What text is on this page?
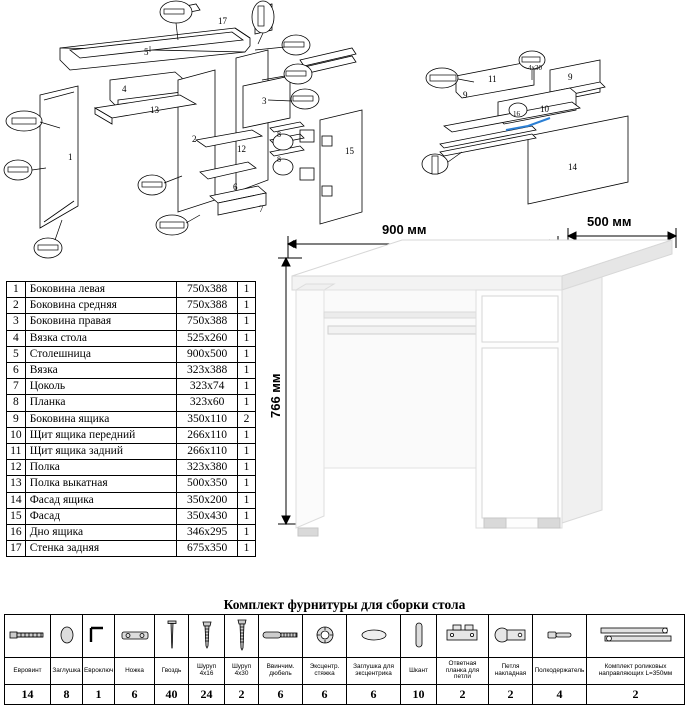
17
5
4
13
3
2
1
12
6
7
8
8
15
11	9
9
10
16
14
4х30
1	Боковина левая	750х388	1
2	Боковина средняя	750х388	1
3	Боковина правая	750х388	1
4	Вязка стола	525х260	1
5	Столешница	900х500	1
6	Вязка	323х388	1
7	Цоколь	323х74	1
8	Планка	323х60	1
9	Боковина ящика	350х110	2
10	Щит ящика передний	266х110	1
11	Щит ящика задний	266х110	1
12	Полка	323х380	1
13	Полка выкатная	500х350	1
14	Фасад ящика	350х200	1
15	Фасад	350х430	1
16	Дно ящика	346х295	1
17	Стенка задняя	675х350	1
900 мм
500 мм
766 мм
Комплект фурнитуры для сборки стола

Евровинт	Заглушка	Евроключ	Ножка	Гвоздь	Шуруп 4х16	Шуруп 4х30	Ввинчим. дюбель	Эксцентр. стяжка	Заглушка для эксцентрика	Шкант	Ответная планка для петли	Петля накладная	Полкодержатель	Комплект роликовых направляющих L=350мм
14	8	1	6	40	24	2	6	6	6	10	2	2	4	2
